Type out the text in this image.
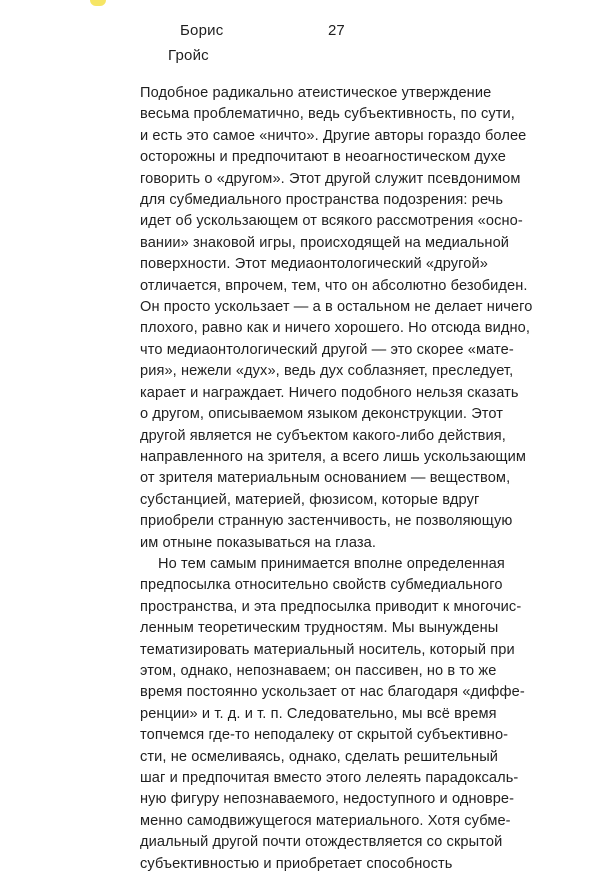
Борис
Гройс
27
Подобное радикально атеистическое утверждение
весьма проблематично, ведь субъективность, по сути,
и есть это самое «ничто». Другие авторы гораздо более
осторожны и предпочитают в неоагностическом духе
говорить о «другом». Этот другой служит псевдонимом
для субмедиального пространства подозрения: речь
идет об ускользающем от всякого рассмотрения «осно-
вании» знаковой игры, происходящей на медиальной
поверхности. Этот медиаонтологический «другой»
отличается, впрочем, тем, что он абсолютно безобиден.
Он просто ускользает — а в остальном не делает ничего
плохого, равно как и ничего хорошего. Но отсюда видно,
что медиаонтологический другой — это скорее «мате-
рия», нежели «дух», ведь дух соблазняет, преследует,
карает и награждает. Ничего подобного нельзя сказать
о другом, описываемом языком деконструкции. Этот
другой является не субъектом какого-либо действия,
направленного на зрителя, а всего лишь ускользающим
от зрителя материальным основанием — веществом,
субстанцией, материей, фюзисом, которые вдруг
приобрели странную застенчивость, не позволяющую
им отныне показываться на глаза.
Но тем самым принимается вполне определенная
предпосылка относительно свойств субмедиального
пространства, и эта предпосылка приводит к многочис-
ленным теоретическим трудностям. Мы вынуждены
тематизировать материальный носитель, который при
этом, однако, непознаваем; он пассивен, но в то же
время постоянно ускользает от нас благодаря «диффе-
ренции» и т. д. и т. п. Следовательно, мы всё время
топчемся где-то неподалеку от скрытой субъективно-
сти, не осмеливаясь, однако, сделать решительный
шаг и предпочитая вместо этого лелеять парадоксаль-
ную фигуру непознаваемого, недоступного и одновре-
менно самодвижущегося материального. Хотя субме-
диальный другой почти отождествляется со скрытой
субъективностью и приобретает способность
